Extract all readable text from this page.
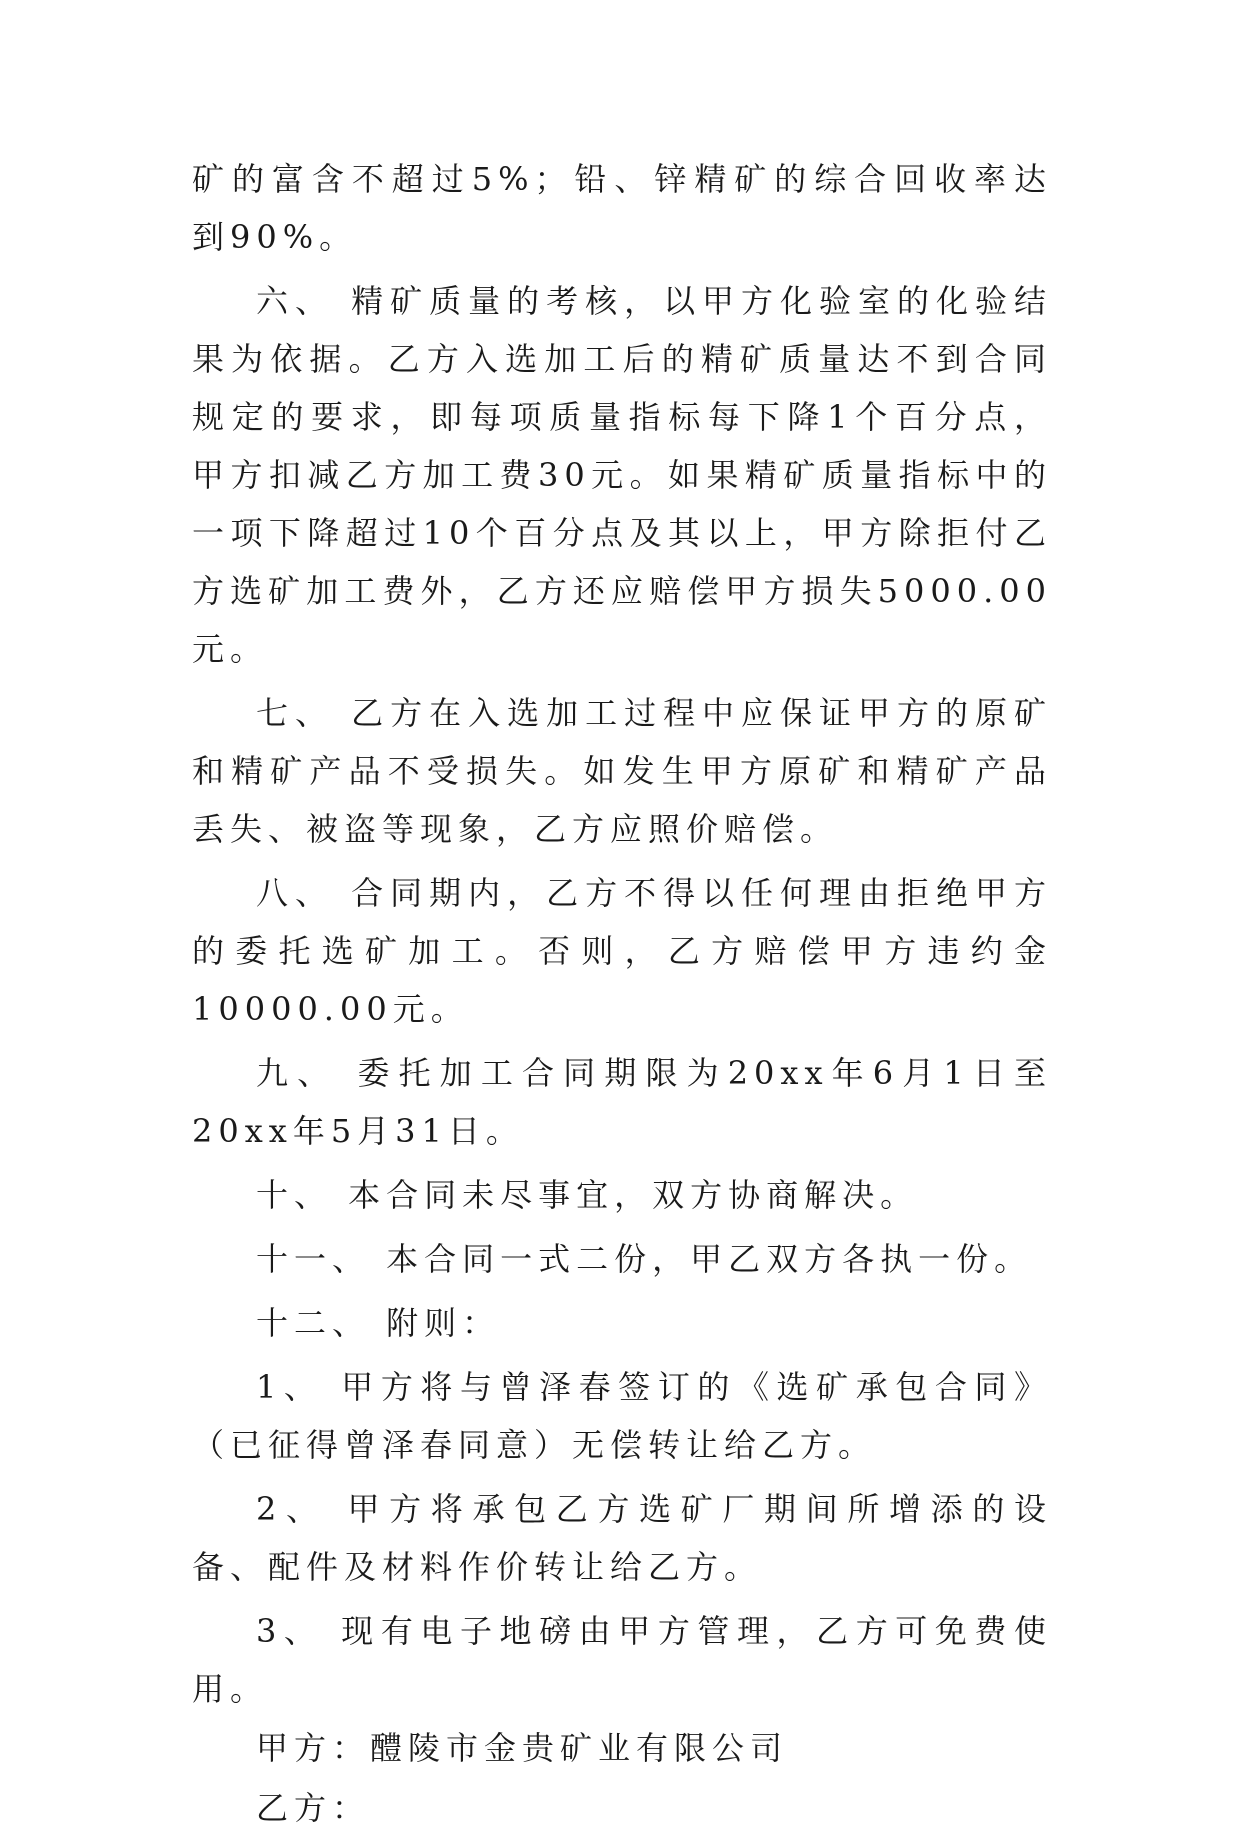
矿的富含不超过5%；铅、锌精矿的综合回收率达到90%。

六、 精矿质量的考核，以甲方化验室的化验结果为依据。乙方入选加工后的精矿质量达不到合同规定的要求，即每项质量指标每下降1个百分点，甲方扣减乙方加工费30元。如果精矿质量指标中的一项下降超过10个百分点及其以上，甲方除拒付乙方选矿加工费外，乙方还应赔偿甲方损失5000.00元。

七、 乙方在入选加工过程中应保证甲方的原矿和精矿产品不受损失。如发生甲方原矿和精矿产品丢失、被盗等现象，乙方应照价赔偿。

八、 合同期内，乙方不得以任何理由拒绝甲方的委托选矿加工。否则，乙方赔偿甲方违约金10000.00元。

九、 委托加工合同期限为20xx年6月1日至20xx年5月31日。

十、 本合同未尽事宜，双方协商解决。

十一、 本合同一式二份，甲乙双方各执一份。

十二、 附则：

1、 甲方将与曾泽春签订的《选矿承包合同》（已征得曾泽春同意）无偿转让给乙方。

2、 甲方将承包乙方选矿厂期间所增添的设备、配件及材料作价转让给乙方。

3、 现有电子地磅由甲方管理，乙方可免费使用。

甲方：醴陵市金贵矿业有限公司

乙方：
